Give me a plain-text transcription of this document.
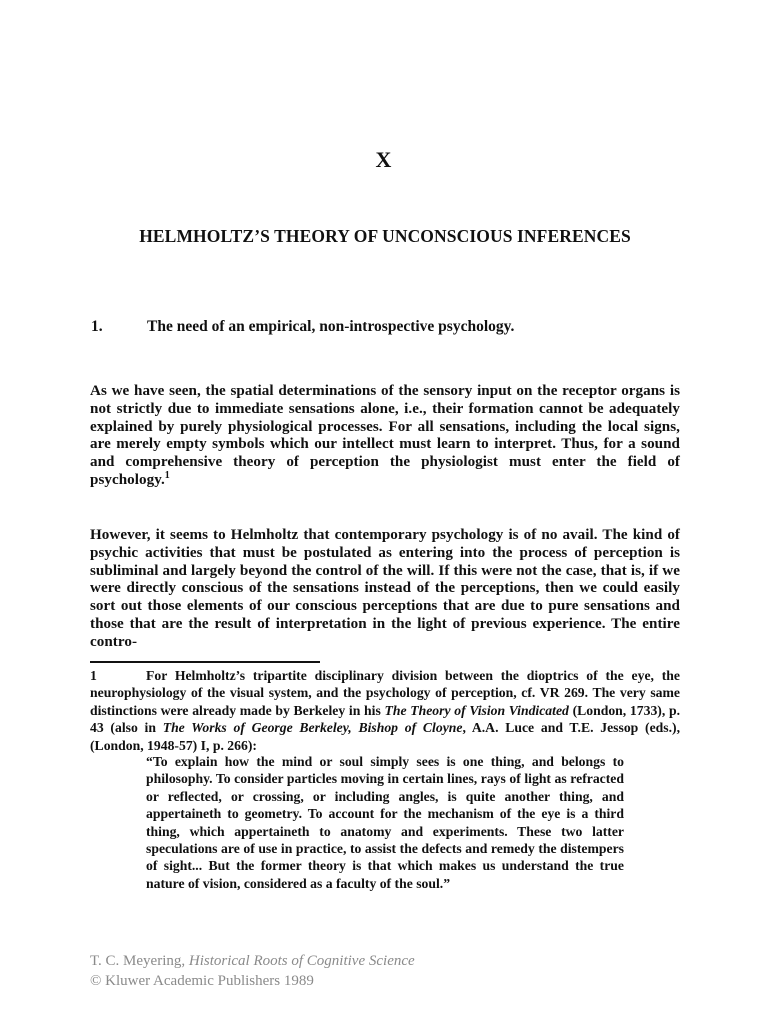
X
HELMHOLTZ’S THEORY OF UNCONSCIOUS INFERENCES
1.	The need of an empirical, non-introspective psychology.

As we have seen, the spatial determinations of the sensory input on the receptor organs is not strictly due to immediate sensations alone, i.e., their formation cannot be adequately explained by purely physiological processes. For all sensations, including the local signs, are merely empty symbols which our intellect must learn to interpret. Thus, for a sound and comprehensive theory of perception the physiologist must enter the field of psychology.$^1$

However, it seems to Helmholtz that contemporary psychology is of no avail. The kind of psychic activities that must be postulated as entering into the process of perception is subliminal and largely beyond the control of the will. If this were not the case, that is, if we were directly conscious of the sensations instead of the perceptions, then we could easily sort out those elements of our conscious perceptions that are due to pure sensations and those that are the result of interpretation in the light of previous experience. The entire contro-

1	For Helmholtz’s tripartite disciplinary division between the dioptrics of the eye, the neurophysiology of the visual system, and the psychology of perception, cf. VR 269. The very same distinctions were already made by Berkeley in his The Theory of Vision Vindicated (London, 1733), p. 43 (also in The Works of George Berkeley, Bishop of Cloyne, A.A. Luce and T.E. Jessop (eds.), (London, 1948-57) I, p. 266):

“To explain how the mind or soul simply sees is one thing, and belongs to philosophy. To consider particles moving in certain lines, rays of light as refracted or reflected, or crossing, or including angles, is quite another thing, and appertaineth to geometry. To account for the mechanism of the eye is a third thing, which appertaineth to anatomy and experiments. These two latter speculations are of use in practice, to assist the defects and remedy the distempers of sight... But the former theory is that which makes us understand the true nature of vision, considered as a faculty of the soul.”

T. C. Meyering, Historical Roots of Cognitive Science
© Kluwer Academic Publishers 1989
